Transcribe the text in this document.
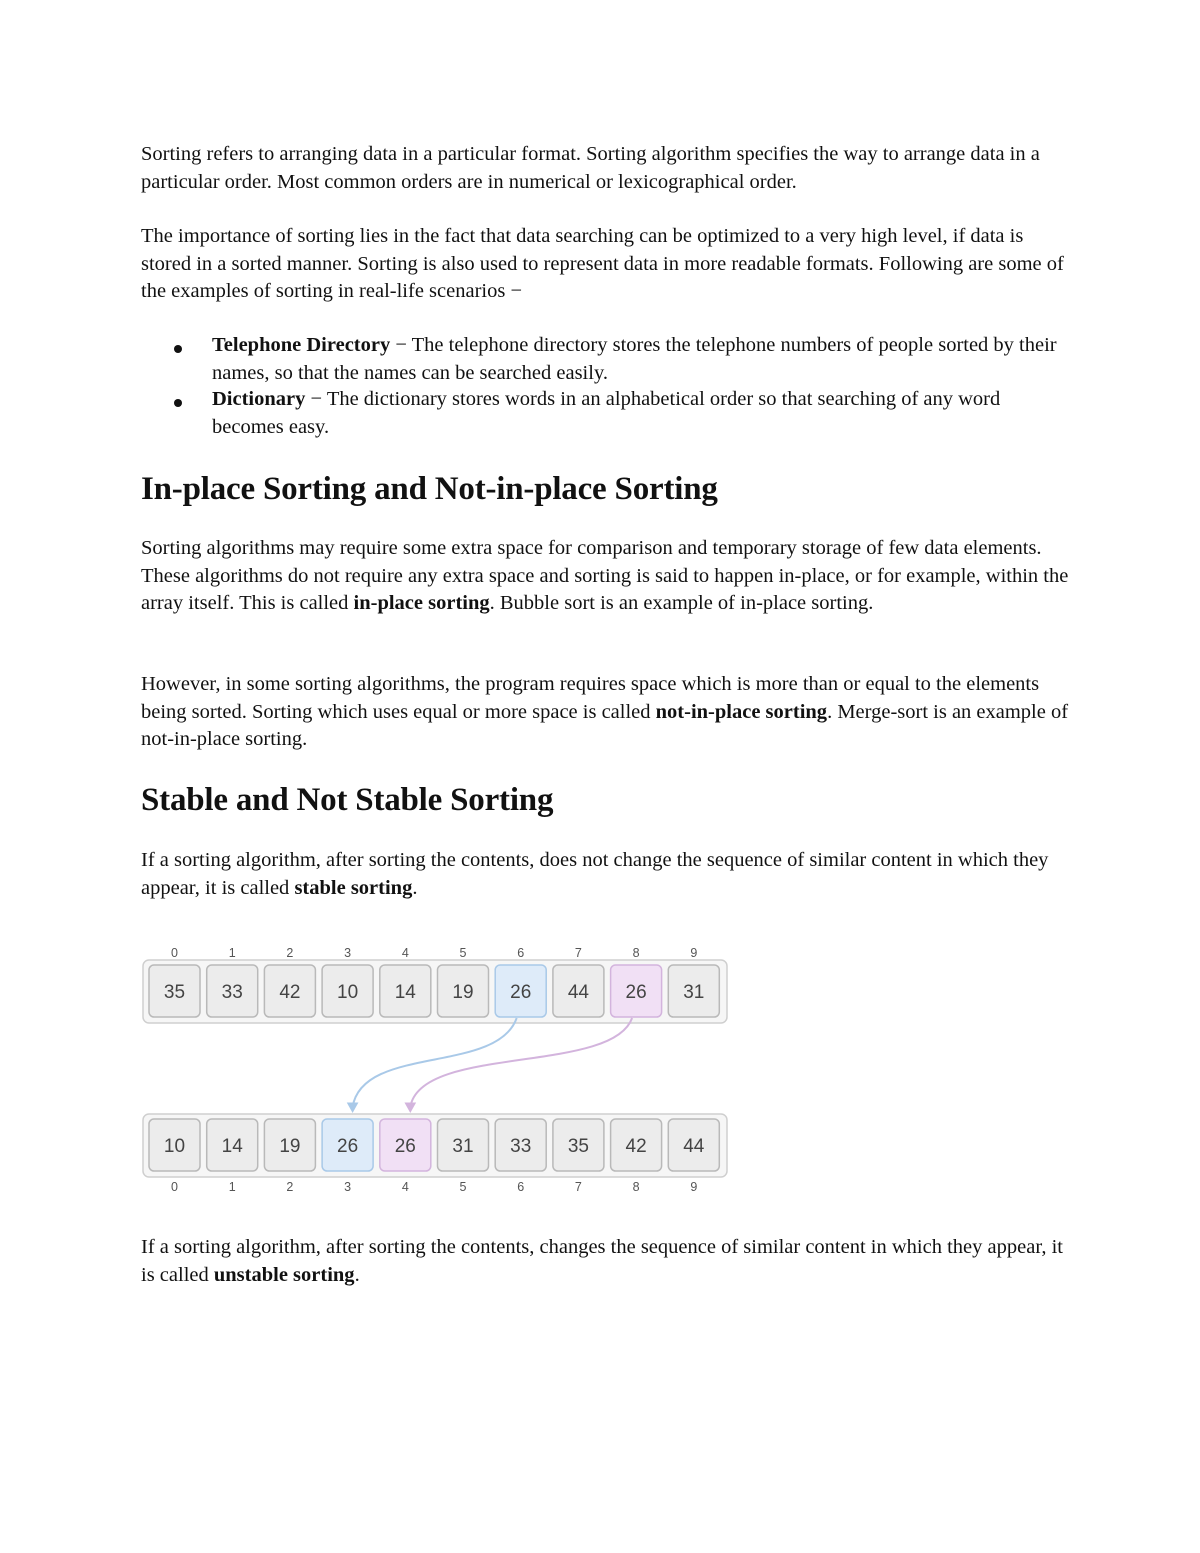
Sorting refers to arranging data in a particular format. Sorting algorithm specifies the way to arrange data in a particular order. Most common orders are in numerical or lexicographical order.

The importance of sorting lies in the fact that data searching can be optimized to a very high level, if data is stored in a sorted manner. Sorting is also used to represent data in more readable formats. Following are some of the examples of sorting in real-life scenarios −

Telephone Directory − The telephone directory stores the telephone numbers of people sorted by their names, so that the names can be searched easily.

Dictionary − The dictionary stores words in an alphabetical order so that searching of any word becomes easy.

In-place Sorting and Not-in-place Sorting

Sorting algorithms may require some extra space for comparison and temporary storage of few data elements. These algorithms do not require any extra space and sorting is said to happen in-place, or for example, within the array itself. This is called in-place sorting. Bubble sort is an example of in-place sorting.

However, in some sorting algorithms, the program requires space which is more than or equal to the elements being sorted. Sorting which uses equal or more space is called not-in-place sorting. Merge-sort is an example of not-in-place sorting.

Stable and Not Stable Sorting

If a sorting algorithm, after sorting the contents, does not change the sequence of similar content in which they appear, it is called stable sorting.

35 33 42 10 14 19 26 44 26 31
10 14 19 26 26 31 33 35 42 44
0
0
1
1
2
2
3
3
4
4
5
5
6
6
7
7
8
8
9
9

If a sorting algorithm, after sorting the contents, changes the sequence of similar content in which they appear, it is called unstable sorting.
